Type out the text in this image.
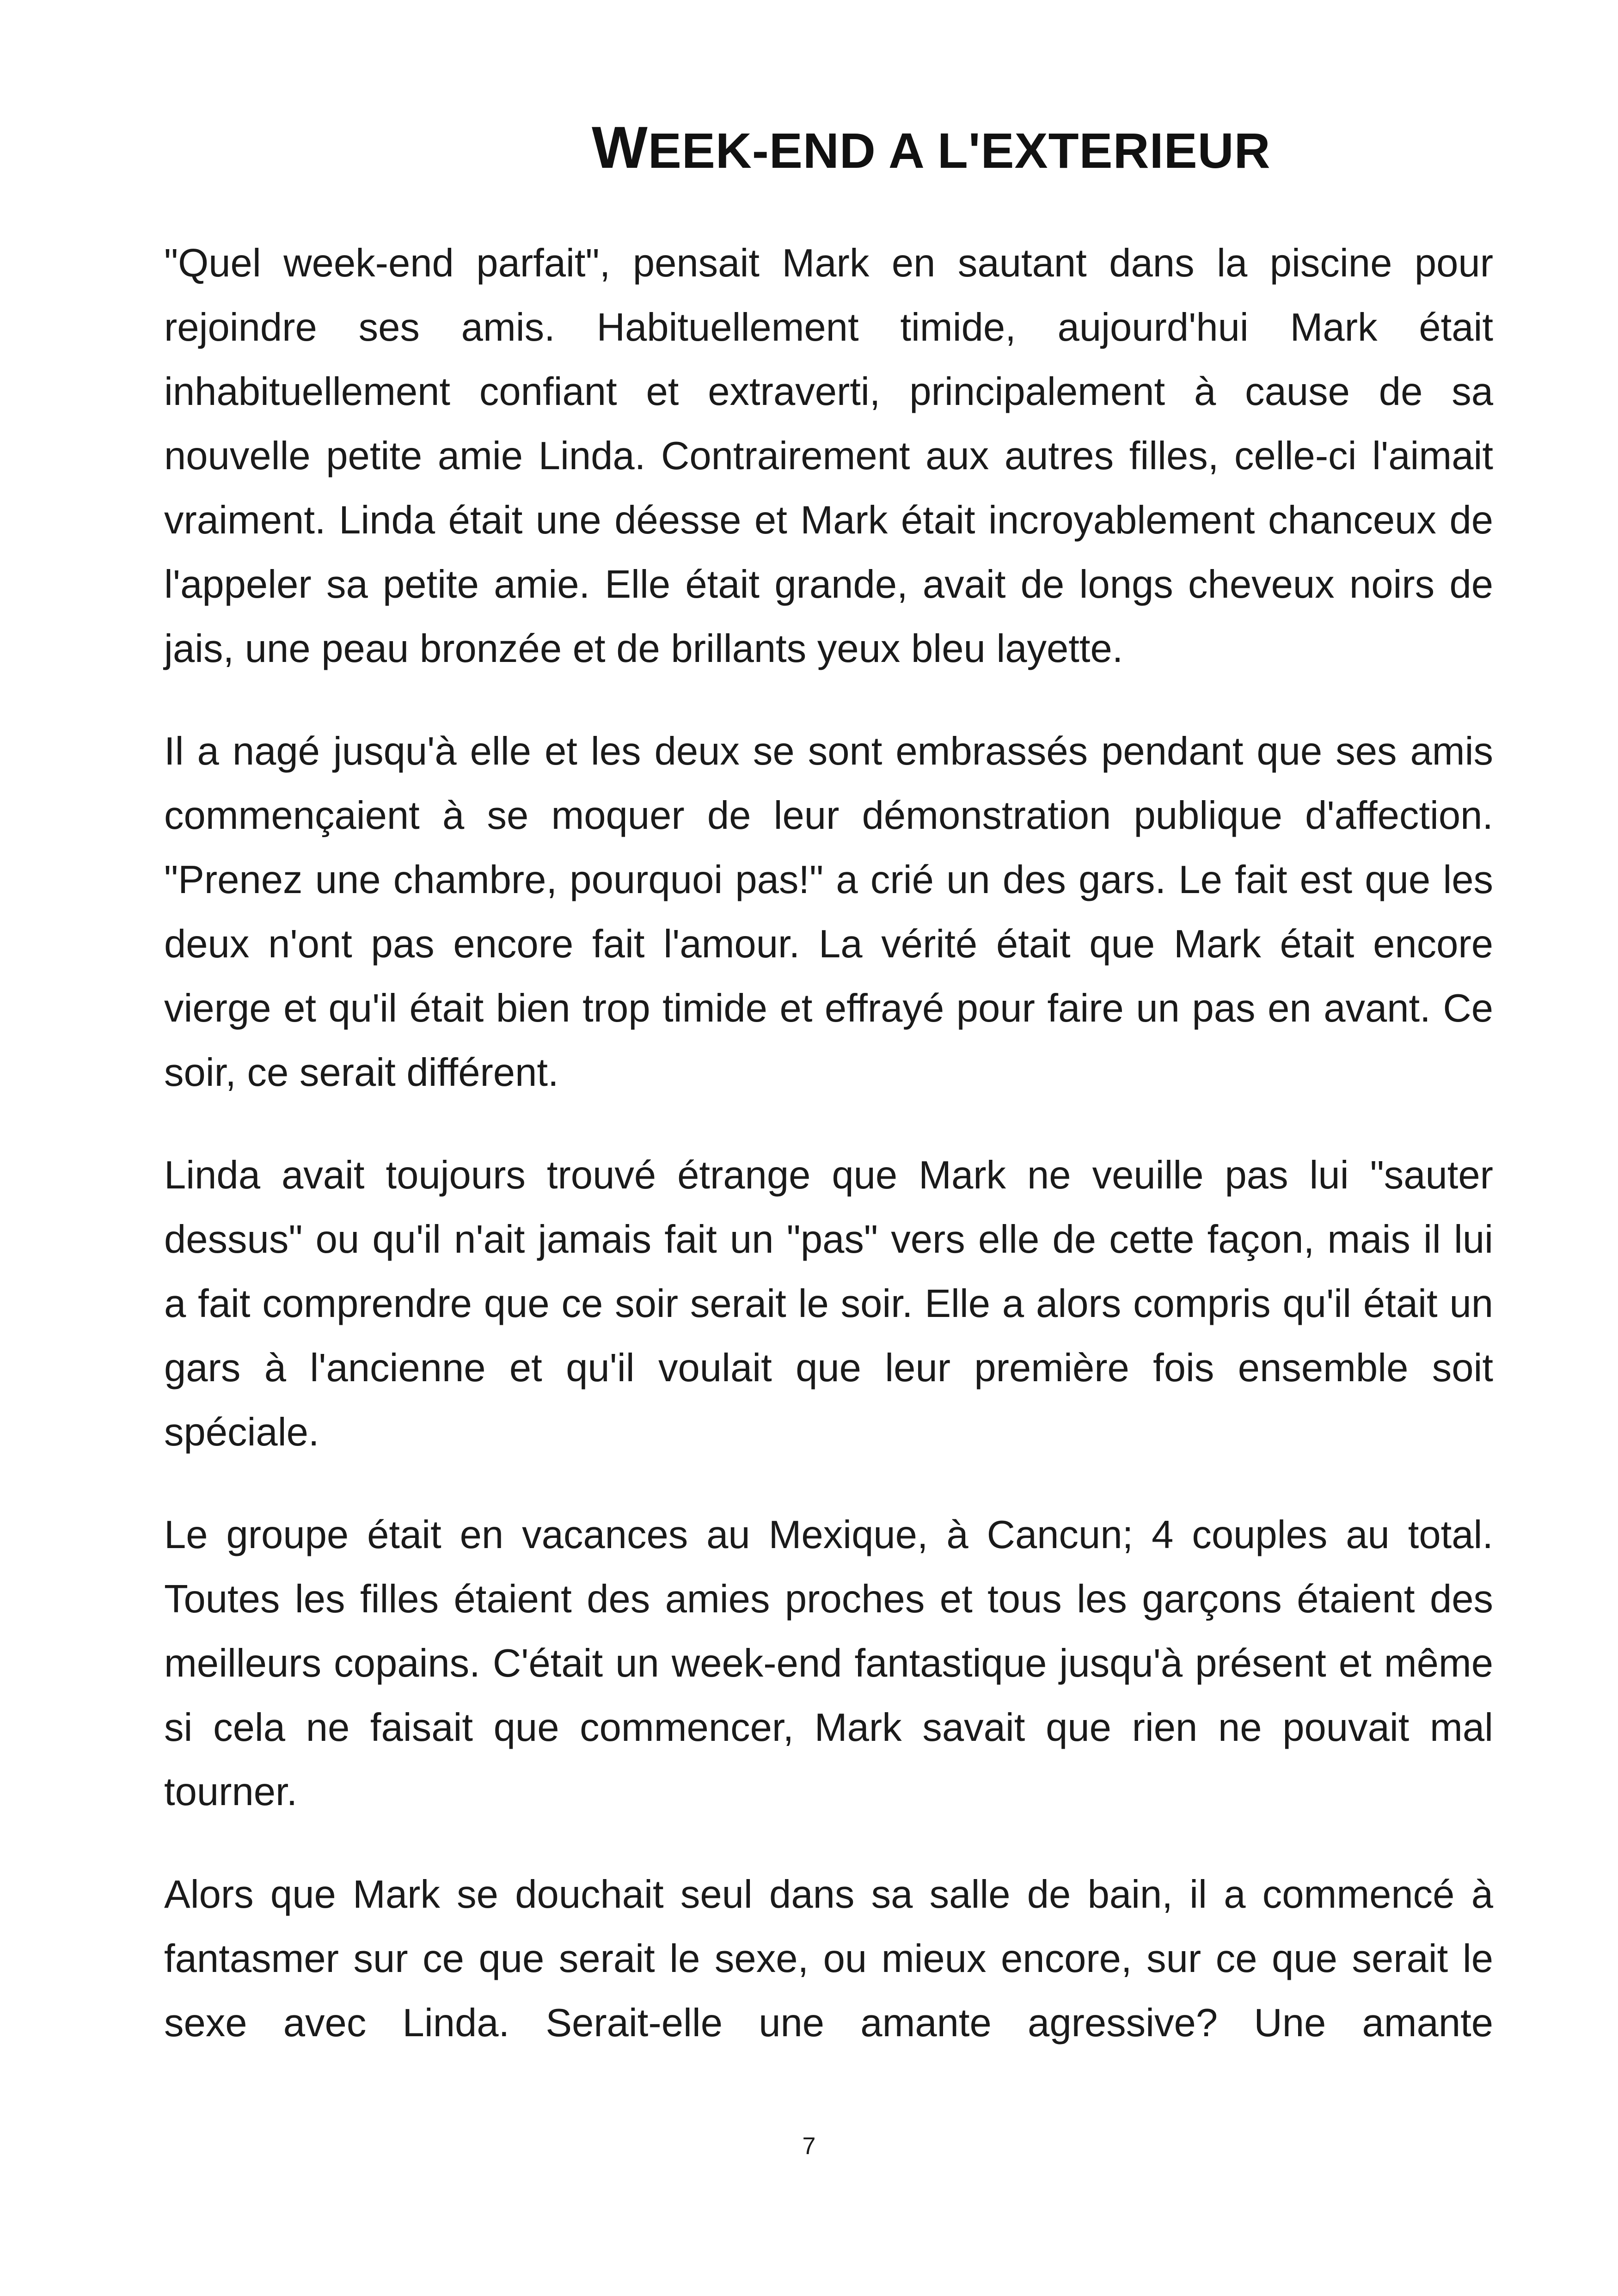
WEEK-END A L'EXTERIEUR

"Quel week-end parfait", pensait Mark en sautant dans la piscine pour rejoindre ses amis. Habituellement timide, aujourd'hui Mark était inhabituellement confiant et extraverti, principalement à cause de sa nouvelle petite amie Linda. Contrairement aux autres filles, celle-ci l'aimait vraiment. Linda était une déesse et Mark était incroyablement chanceux de l'appeler sa petite amie. Elle était grande, avait de longs cheveux noirs de jais, une peau bronzée et de brillants yeux bleu layette.

Il a nagé jusqu'à elle et les deux se sont embrassés pendant que ses amis commençaient à se moquer de leur démonstration publique d'affection. "Prenez une chambre, pourquoi pas!" a crié un des gars. Le fait est que les deux n'ont pas encore fait l'amour. La vérité était que Mark était encore vierge et qu'il était bien trop timide et effrayé pour faire un pas en avant. Ce soir, ce serait différent.

Linda avait toujours trouvé étrange que Mark ne veuille pas lui "sauter dessus" ou qu'il n'ait jamais fait un "pas" vers elle de cette façon, mais il lui a fait comprendre que ce soir serait le soir. Elle a alors compris qu'il était un gars à l'ancienne et qu'il voulait que leur première fois ensemble soit spéciale.

Le groupe était en vacances au Mexique, à Cancun; 4 couples au total. Toutes les filles étaient des amies proches et tous les garçons étaient des meilleurs copains. C'était un week-end fantastique jusqu'à présent et même si cela ne faisait que commencer, Mark savait que rien ne pouvait mal tourner.

Alors que Mark se douchait seul dans sa salle de bain, il a commencé à fantasmer sur ce que serait le sexe, ou mieux encore, sur ce que serait le sexe avec Linda. Serait-elle une amante agressive? Une amante

7
